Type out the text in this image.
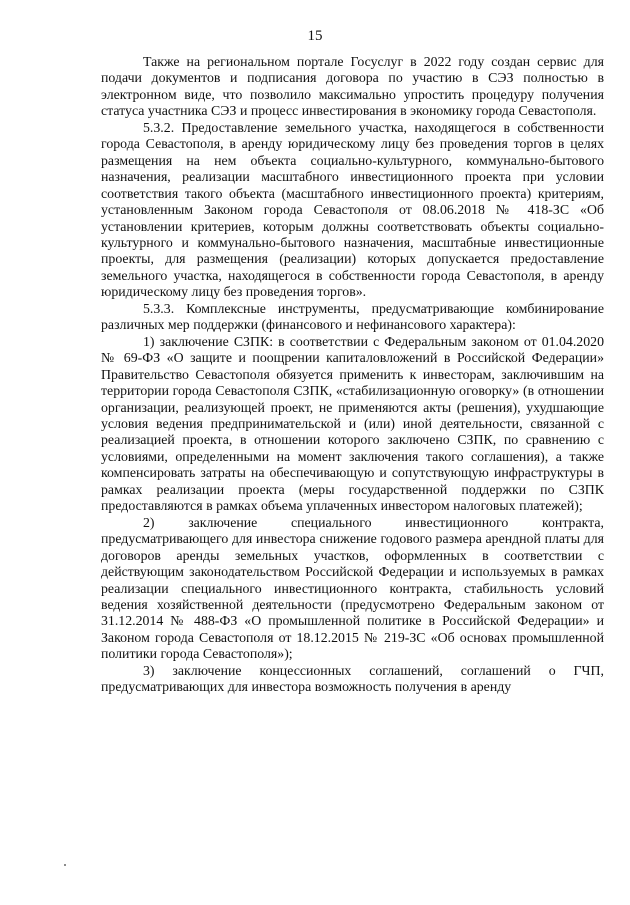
15

Также на региональном портале Госуслуг в 2022 году создан сервис для подачи документов и подписания договора по участию в СЭЗ полностью в электронном виде, что позволило максимально упростить процедуру получения статуса участника СЭЗ и процесс инвестирования в экономику города Севастополя.

5.3.2. Предоставление земельного участка, находящегося в собственности города Севастополя, в аренду юридическому лицу без проведения торгов в целях размещения на нем объекта социально-культурного, коммунально-бытового назначения, реализации масштабного инвестиционного проекта при условии соответствия такого объекта (масштабного инвестиционного проекта) критериям, установленным Законом города Севастополя от 08.06.2018 № 418-ЗС «Об установлении критериев, которым должны соответствовать объекты социально-культурного и коммунально-бытового назначения, масштабные инвестиционные проекты, для размещения (реализации) которых допускается предоставление земельного участка, находящегося в собственности города Севастополя, в аренду юридическому лицу без проведения торгов».

5.3.3. Комплексные инструменты, предусматривающие комбинирование различных мер поддержки (финансового и нефинансового характера):

1) заключение СЗПК: в соответствии с Федеральным законом от 01.04.2020 № 69-ФЗ «О защите и поощрении капиталовложений в Российской Федерации» Правительство Севастополя обязуется применить к инвесторам, заключившим на территории города Севастополя СЗПК, «стабилизационную оговорку» (в отношении организации, реализующей проект, не применяются акты (решения), ухудшающие условия ведения предпринимательской и (или) иной деятельности, связанной с реализацией проекта, в отношении которого заключено СЗПК, по сравнению с условиями, определенными на момент заключения такого соглашения), а также компенсировать затраты на обеспечивающую и сопутствующую инфраструктуры в рамках реализации проекта (меры государственной поддержки по СЗПК предоставляются в рамках объема уплаченных инвестором налоговых платежей);

2) заключение специального инвестиционного контракта, предусматривающего для инвестора снижение годового размера арендной платы для договоров аренды земельных участков, оформленных в соответствии с действующим законодательством Российской Федерации и используемых в рамках реализации специального инвестиционного контракта, стабильность условий ведения хозяйственной деятельности (предусмотрено Федеральным законом от 31.12.2014 № 488-ФЗ «О промышленной политике в Российской Федерации» и Законом города Севастополя от 18.12.2015 № 219-ЗС «Об основах промышленной политики города Севастополя»);

3) заключение концессионных соглашений, соглашений о ГЧП, предусматривающих для инвестора возможность получения в аренду
